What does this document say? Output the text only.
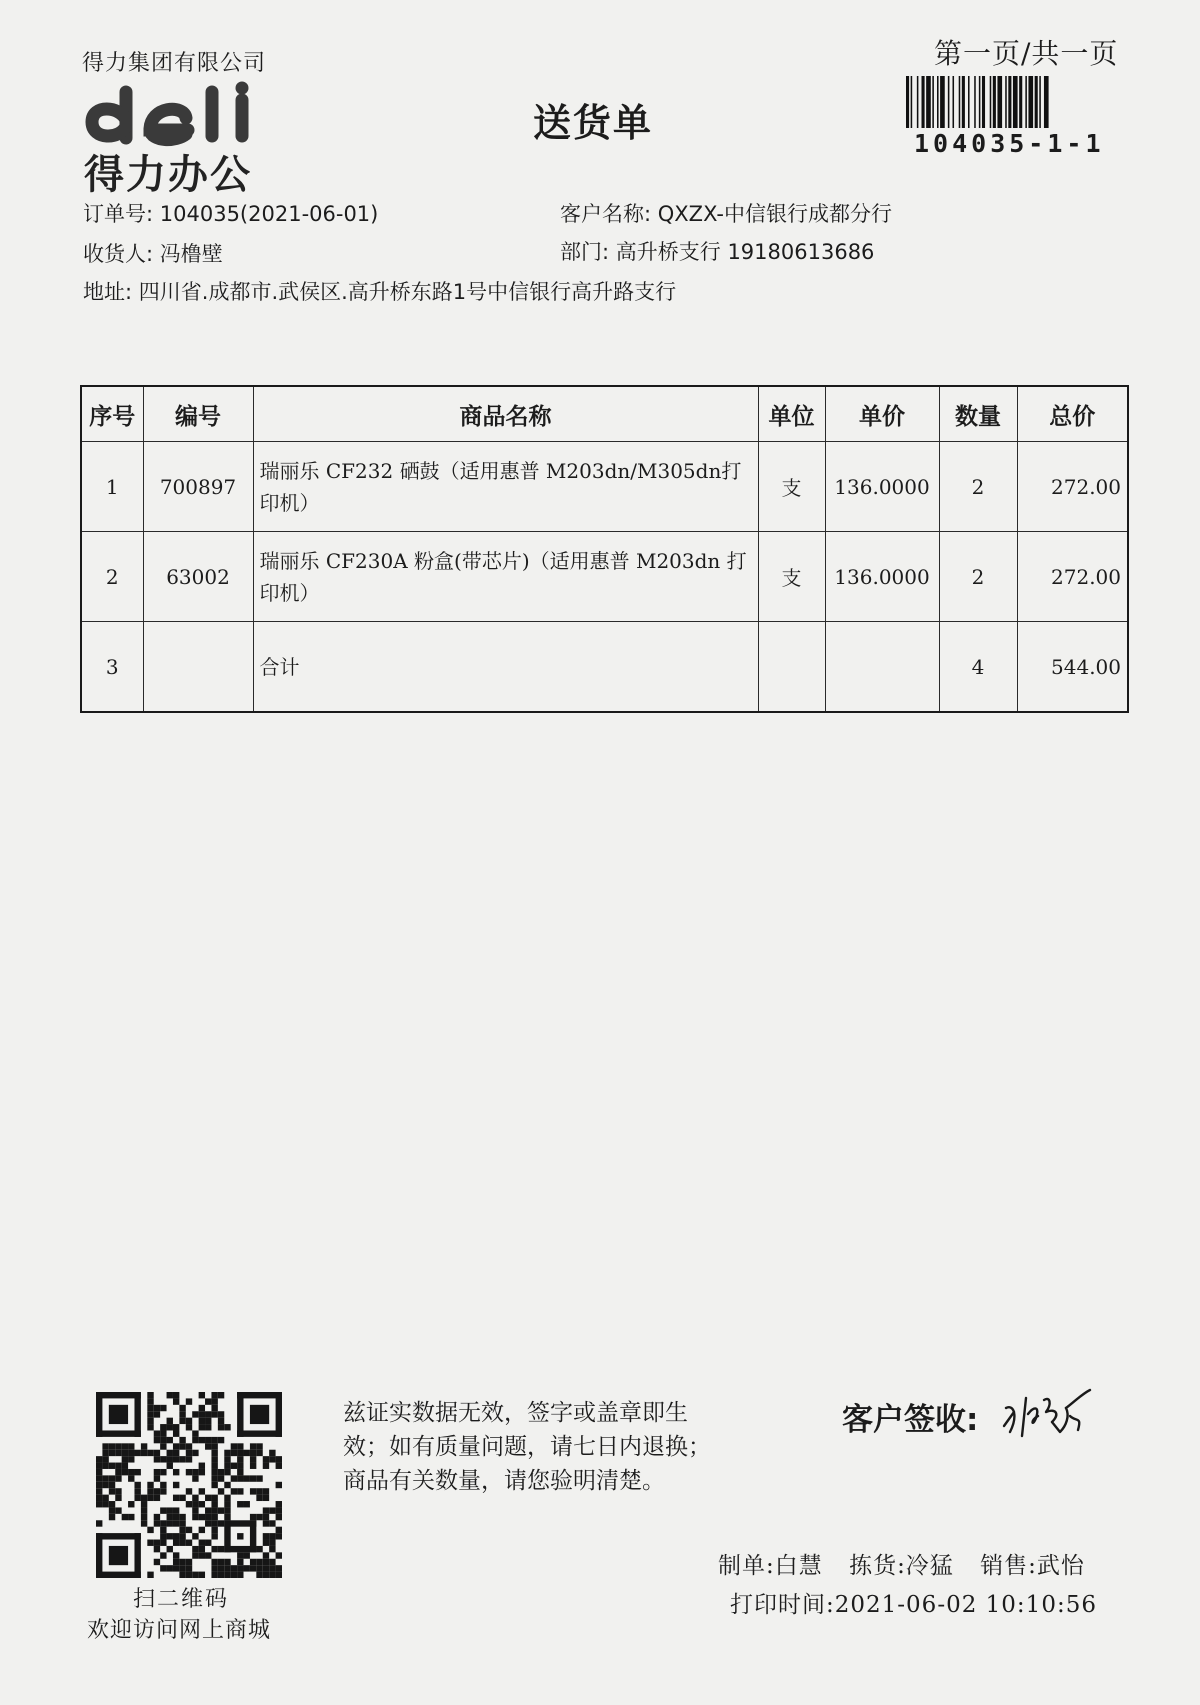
得力集团有限公司
得力办公
送货单
第一页/共一页
104035-1-1
订单号: 104035(2021-06-01)	客户名称: QXZX-中信银行成都分行
收货人: 冯橹壁	部门: 高升桥支行 19180613686
地址: 四川省.成都市.武侯区.高升桥东路1号中信银行高升路支行
序号	编号	商品名称	单位	单价	数量	总价
1	700897	瑞丽乐 CF232 硒鼓（适用惠普 M203dn/M305dn打印机）	支	136.0000	2	272.00
2	63002	瑞丽乐 CF230A 粉盒(带芯片)（适用惠普 M203dn 打印机）	支	136.0000	2	272.00
3		合计			4	544.00
扫二维码
欢迎访问网上商城
兹证实数据无效，签字或盖章即生
效；如有质量问题，请七日内退换；
商品有关数量，请您验明清楚。
客户签收:
制单:白慧 拣货:冷猛 销售:武怡
打印时间:2021-06-02 10:10:56
